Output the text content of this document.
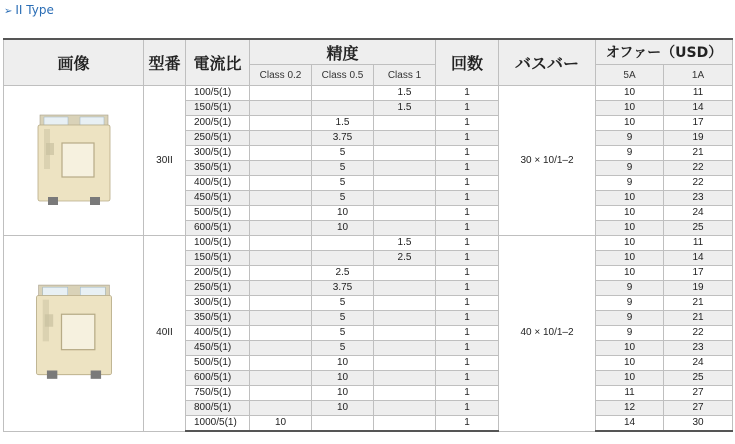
➢ II Type
画像	型番	電流比	精度			回数	バスバー	オファー（USD）	
			Class 0.2	Class 0.5	Class 1			5A	1A

	30II	100/5(1)			1.5	1	30 × 10/1–2	10	11
		150/5(1)			1.5	1		10	14
		200/5(1)		1.5		1		10	17
		250/5(1)		3.75		1		9	19
		300/5(1)		5		1		9	21
		350/5(1)		5		1		9	22
		400/5(1)		5		1		9	22
		450/5(1)		5		1		10	23
		500/5(1)		10		1		10	24
		600/5(1)		10		1		10	25

	40II	100/5(1)			1.5	1	40 × 10/1–2	10	11
		150/5(1)			2.5	1		10	14
		200/5(1)		2.5		1		10	17
		250/5(1)		3.75		1		9	19
		300/5(1)		5		1		9	21
		350/5(1)		5		1		9	21
		400/5(1)		5		1		9	22
		450/5(1)		5		1		10	23
		500/5(1)		10		1		10	24
		600/5(1)		10		1		10	25
		750/5(1)		10		1		11	27
		800/5(1)		10		1		12	27
		1000/5(1)	10			1		14	30
